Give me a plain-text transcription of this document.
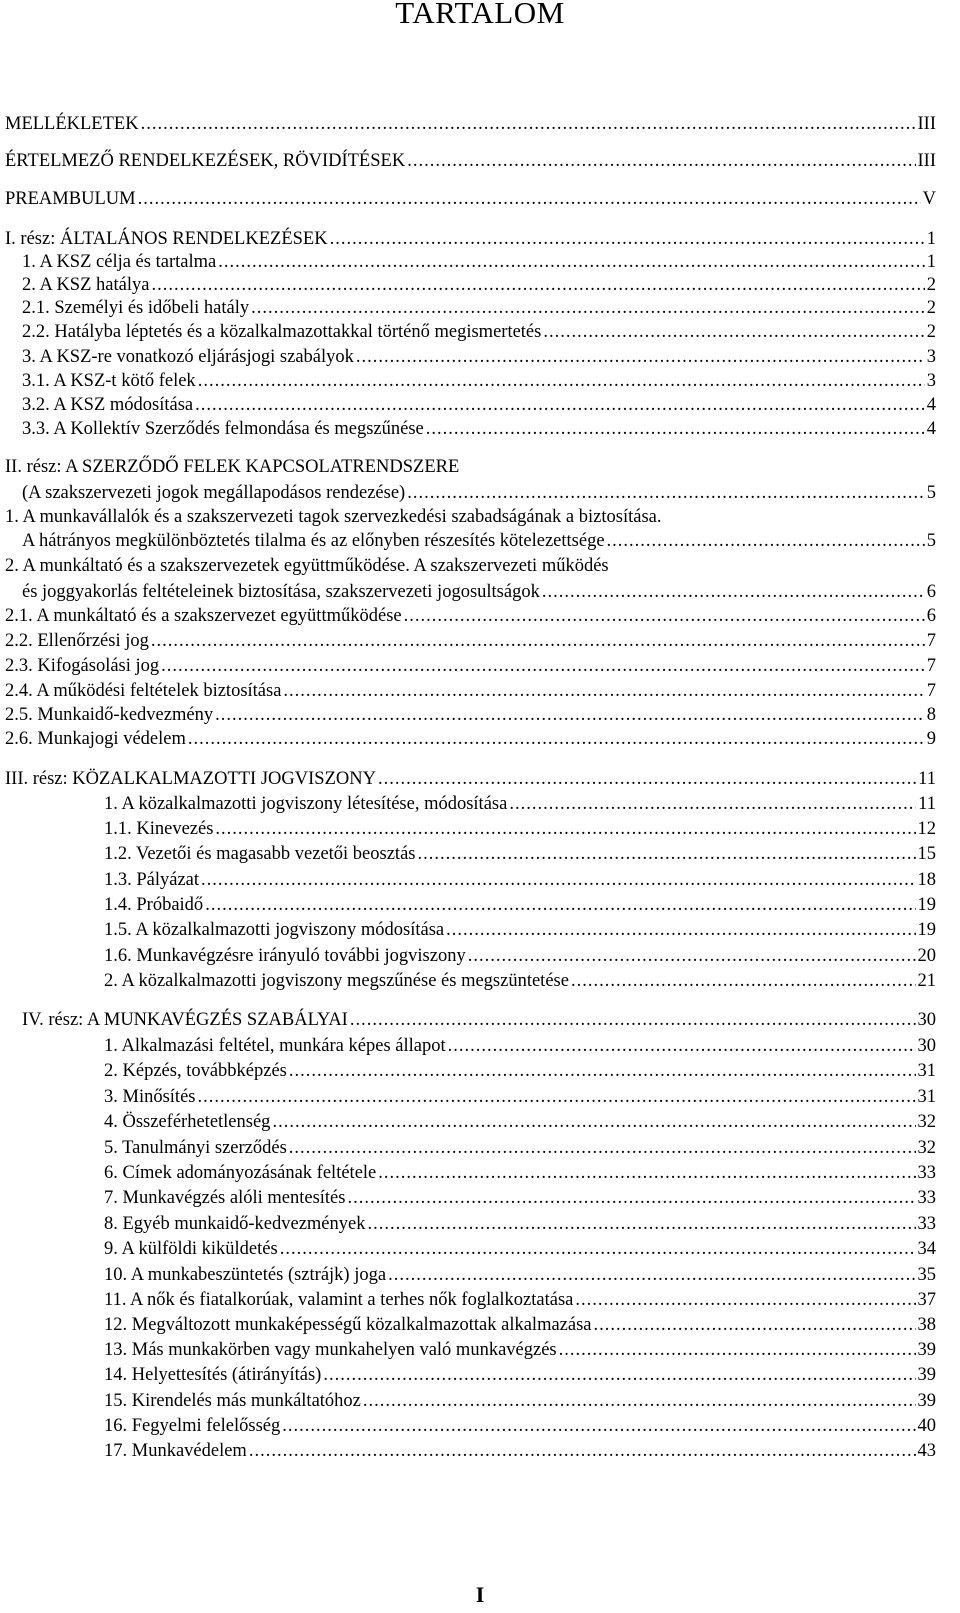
TARTALOM
MELLÉKLETEK .....	III
ÉRTELMEZŐ RENDELKEZÉSEK, RÖVIDÍTÉSEK .....	III
PREAMBULUM .....	V
I. rész: ÁLTALÁNOS RENDELKEZÉSEK .....	1
1. A KSZ célja és tartalma .....	1
2. A KSZ hatálya .....	2
2.1. Személyi és időbeli hatály .....	2
2.2. Hatályba léptetés és a közalkalmazottakkal történő megismertetés .....	2
3. A KSZ-re vonatkozó eljárásjogi szabályok .....	3
3.1. A KSZ-t kötő felek .....	3
3.2. A KSZ módosítása .....	4
3.3. A Kollektív Szerződés felmondása és megszűnése .....	4
II. rész: A SZERZŐDŐ FELEK KAPCSOLATRENDSZERE
(A szakszervezeti jogok megállapodásos rendezése) .....	5
1. A munkavállalók és a szakszervezeti tagok szervezkedési szabadságának a biztosítása.
A hátrányos megkülönböztetés tilalma és az előnyben részesítés kötelezettsége .....	5
2. A munkáltató és a szakszervezetek együttműködése. A szakszervezeti működés
és joggyakorlás feltételeinek biztosítása, szakszervezeti jogosultságok .....	6
2.1. A munkáltató és a szakszervezet együttműködése .....	6
2.2. Ellenőrzési jog .....	7
2.3. Kifogásolási jog .....	7
2.4. A működési feltételek biztosítása .....	7
2.5. Munkaidő-kedvezmény .....	8
2.6. Munkajogi védelem .....	9
III. rész: KÖZALKALMAZOTTI JOGVISZONY .....	11
1. A közalkalmazotti jogviszony létesítése, módosítása .....	11
1.1. Kinevezés .....	12
1.2. Vezetői és magasabb vezetői beosztás .....	15
1.3. Pályázat .....	18
1.4. Próbaidő .....	19
1.5. A közalkalmazotti jogviszony módosítása .....	19
1.6. Munkavégzésre irányuló további jogviszony .....	20
2. A közalkalmazotti jogviszony megszűnése és megszüntetése .....	21
IV. rész: A MUNKAVÉGZÉS SZABÁLYAI .....	30
1. Alkalmazási feltétel, munkára képes állapot .....	30
2. Képzés, továbbképzés .....	31
3. Minősítés .....	31
4. Összeférhetetlenség .....	32
5. Tanulmányi szerződés .....	32
6. Címek adományozásának feltétele .....	33
7. Munkavégzés alóli mentesítés .....	33
8. Egyéb munkaidő-kedvezmények .....	33
9. A külföldi kiküldetés .....	34
10. A munkabeszüntetés (sztrájk) joga .....	35
11. A nők és fiatalkorúak, valamint a terhes nők foglalkoztatása .....	37
12. Megváltozott munkaképességű közalkalmazottak alkalmazása .....	38
13. Más munkakörben vagy munkahelyen való munkavégzés .....	39
14. Helyettesítés (átirányítás) .....	39
15. Kirendelés más munkáltatóhoz .....	39
16. Fegyelmi felelősség .....	40
17. Munkavédelem .....	43
I
